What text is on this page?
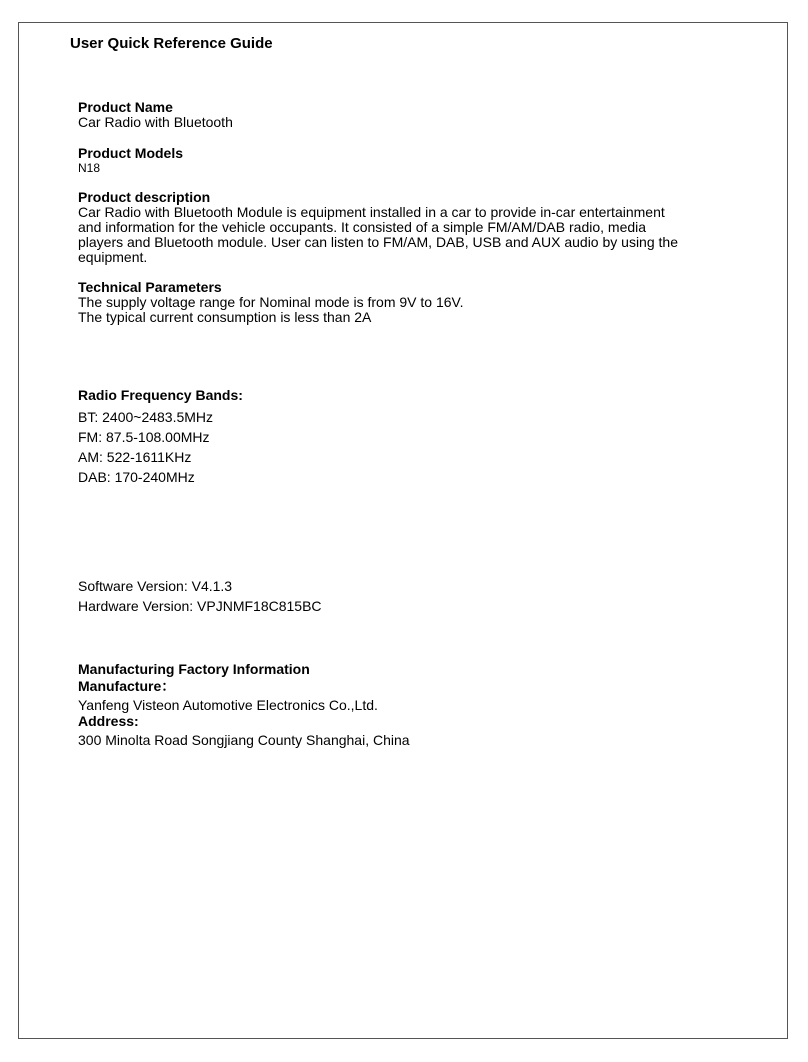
User Quick Reference Guide
Product Name
Car Radio with Bluetooth
Product Models
N18
Product description
Car Radio with Bluetooth Module is equipment installed in a car to provide in-car entertainment
and information for the vehicle occupants. It consisted of a simple FM/AM/DAB radio, media
players and Bluetooth module. User can listen to FM/AM, DAB, USB and AUX audio by using the
equipment.
Technical Parameters
The supply voltage range for Nominal mode is from 9V to 16V.
The typical current consumption is less than 2A
Radio Frequency Bands:
BT: 2400~2483.5MHz
FM: 87.5-108.00MHz
AM: 522-1611KHz
DAB: 170-240MHz
Software Version: V4.1.3
Hardware Version: VPJNMF18C815BC
Manufacturing Factory Information
Manufacture：
Yanfeng Visteon Automotive Electronics Co.,Ltd.
Address:
300 Minolta Road Songjiang County Shanghai, China
